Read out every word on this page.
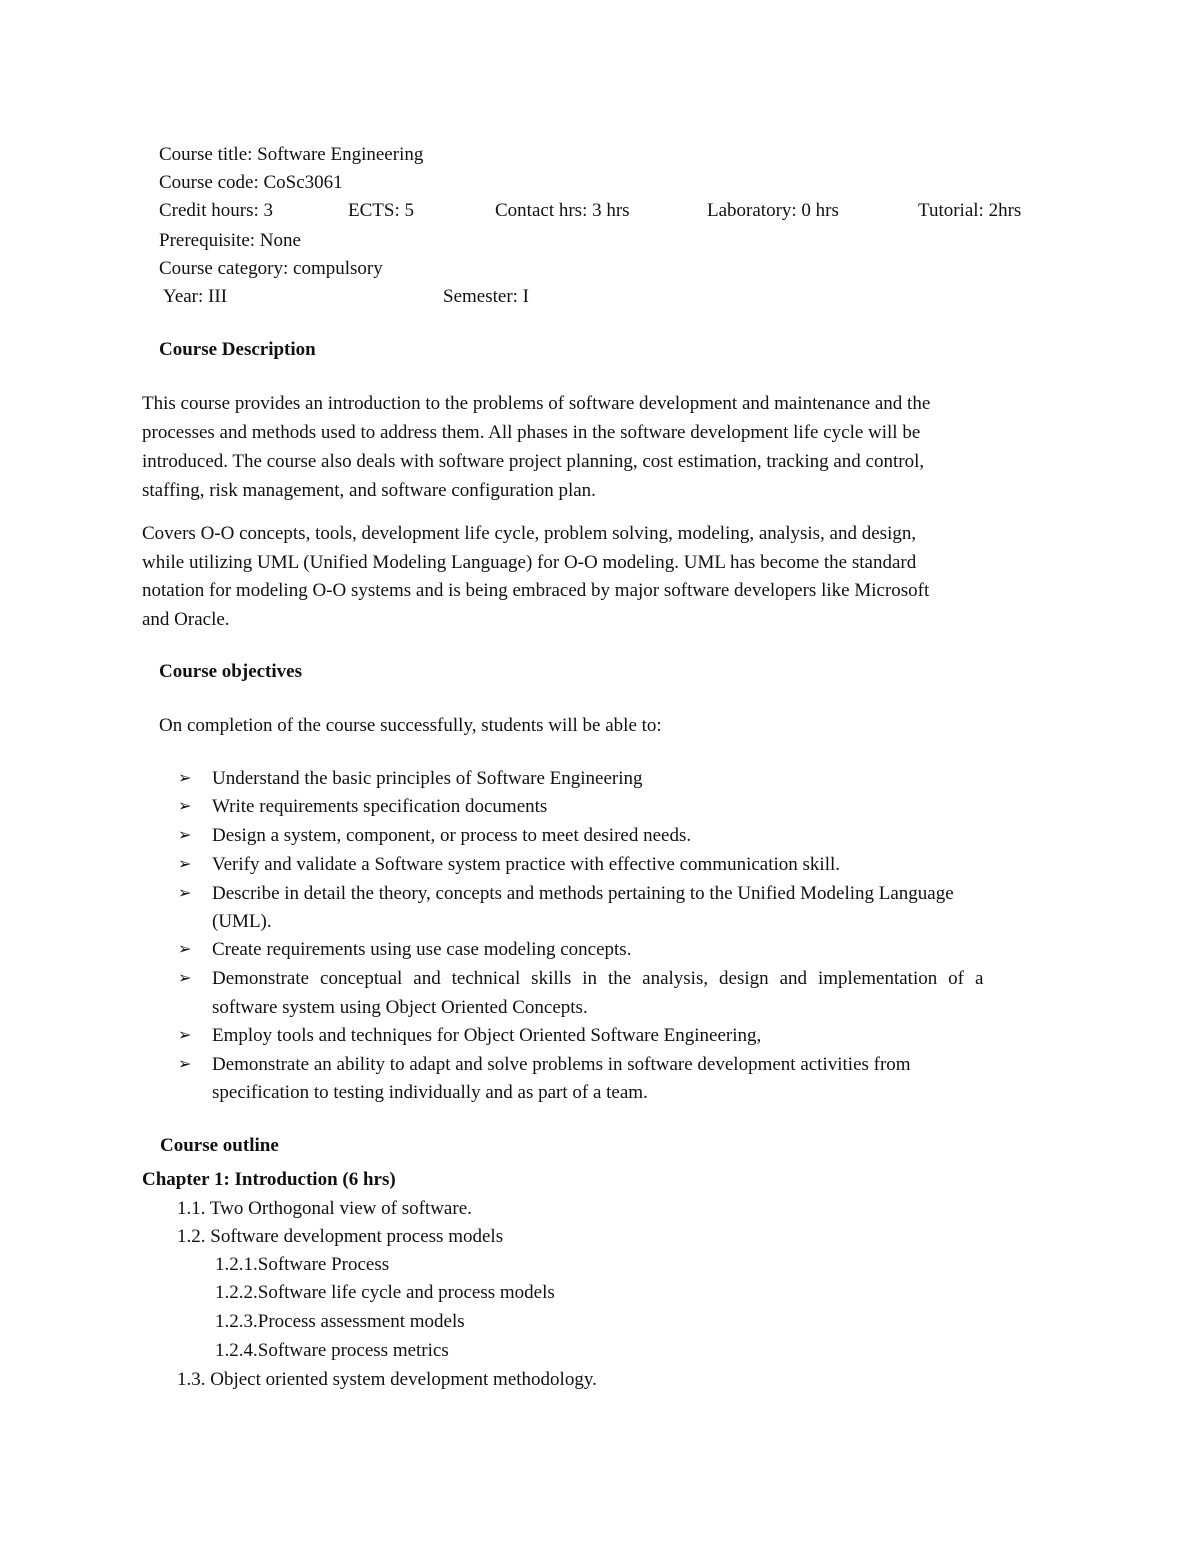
Course title: Software Engineering
Course code: CoSc3061
Credit hours: 3	ECTS: 5	Contact hrs: 3 hrs	Laboratory: 0 hrs	Tutorial: 2hrs
Prerequisite: None
Course category: compulsory
Year: III	Semester: I
Course Description
This course provides an introduction to the problems of software development and maintenance and the
processes and methods used to address them. All phases in the software development life cycle will be
introduced. The course also deals with software project planning, cost estimation, tracking and control,
staffing, risk management, and software configuration plan.
Covers O-O concepts, tools, development life cycle, problem solving, modeling, analysis, and design,
while utilizing UML (Unified Modeling Language) for O-O modeling. UML has become the standard
notation for modeling O-O systems and is being embraced by major software developers like Microsoft
and Oracle.
Course objectives
On completion of the course successfully, students will be able to:
➢ Understand the basic principles of Software Engineering
➢ Write requirements specification documents
➢ Design a system, component, or process to meet desired needs.
➢ Verify and validate a Software system practice with effective communication skill.
➢ Describe in detail the theory, concepts and methods pertaining to the Unified Modeling Language
(UML).
➢ Create requirements using use case modeling concepts.
➢ Demonstrate conceptual and technical skills in the analysis, design and implementation of a
software system using Object Oriented Concepts.
➢ Employ tools and techniques for Object Oriented Software Engineering,
➢ Demonstrate an ability to adapt and solve problems in software development activities from
specification to testing individually and as part of a team.
Course outline
Chapter 1: Introduction (6 hrs)
1.1. Two Orthogonal view of software.
1.2. Software development process models
1.2.1.Software Process
1.2.2.Software life cycle and process models
1.2.3.Process assessment models
1.2.4.Software process metrics
1.3. Object oriented system development methodology.
